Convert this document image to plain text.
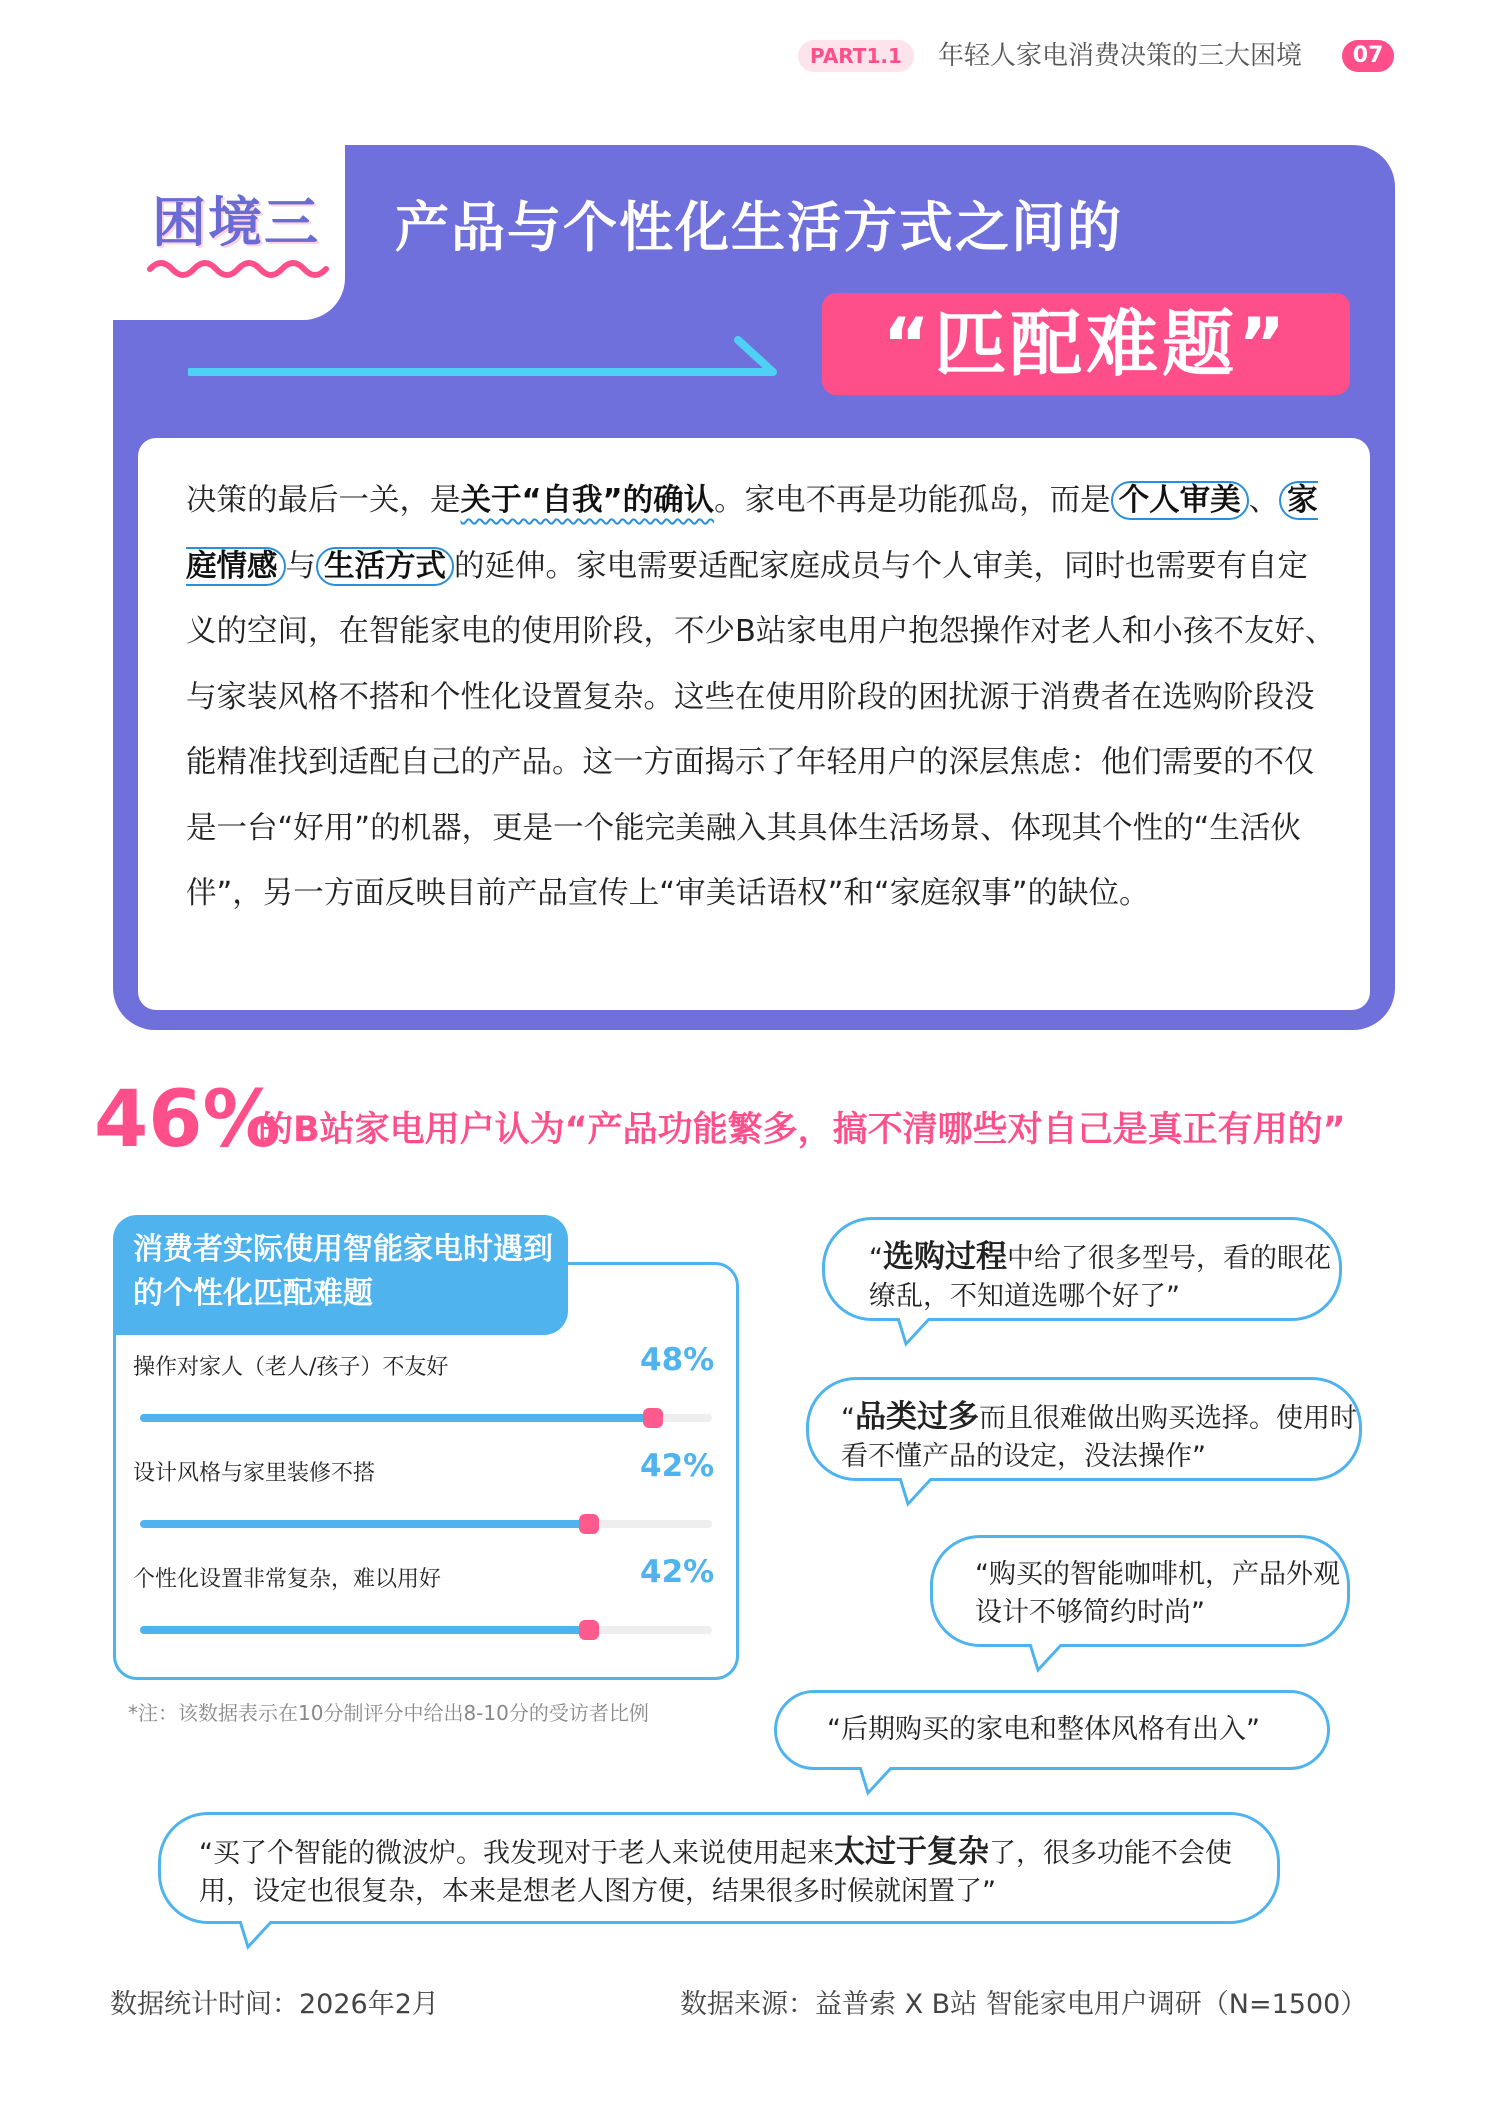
PART1.1	年轻人家电消费决策的三大困境	07
困境三 产品与个性化生活方式之间的
“匹配难题”
决策的最后一关，是关于“自我”的确认。家电不再是功能孤岛，而是 个人审美 、 家庭情感 与 生活方式 的延伸。家电需要适配家庭成员与个人审美，同时也需要有自定义的空间，在智能家电的使用阶段，不少B站家电用户抱怨操作对老人和小孩不友好、与家装风格不搭和个性化设置复杂。这些在使用阶段的困扰源于消费者在选购阶段没能精准找到适配自己的产品。这一方面揭示了年轻用户的深层焦虑：他们需要的不仅是一台“好用”的机器，更是一个能完美融入其具体生活场景、体现其个性的“生活伙伴”，另一方面反映目前产品宣传上“审美话语权”和“家庭叙事”的缺位。
46%
的B站家电用户认为“产品功能繁多，搞不清哪些对自己是真正有用的”
消费者实际使用智能家电时遇到的个性化匹配难题
操作对家人（老人/孩子）不友好	48%
设计风格与家里装修不搭	42%
个性化设置非常复杂，难以用好	42%
*注：该数据表示在10分制评分中给出8-10分的受访者比例
“选购过程中给了很多型号，看的眼花缭乱，不知道选哪个好了”
“品类过多而且很难做出购买选择。使用时看不懂产品的设定，没法操作”
“购买的智能咖啡机，产品外观设计不够简约时尚”
“后期购买的家电和整体风格有出入”
“买了个智能的微波炉。我发现对于老人来说使用起来太过于复杂了，很多功能不会使用，设定也很复杂，本来是想老人图方便，结果很多时候就闲置了”
数据统计时间：2026年2月	数据来源：益普索 X B站 智能家电用户调研（N=1500）
